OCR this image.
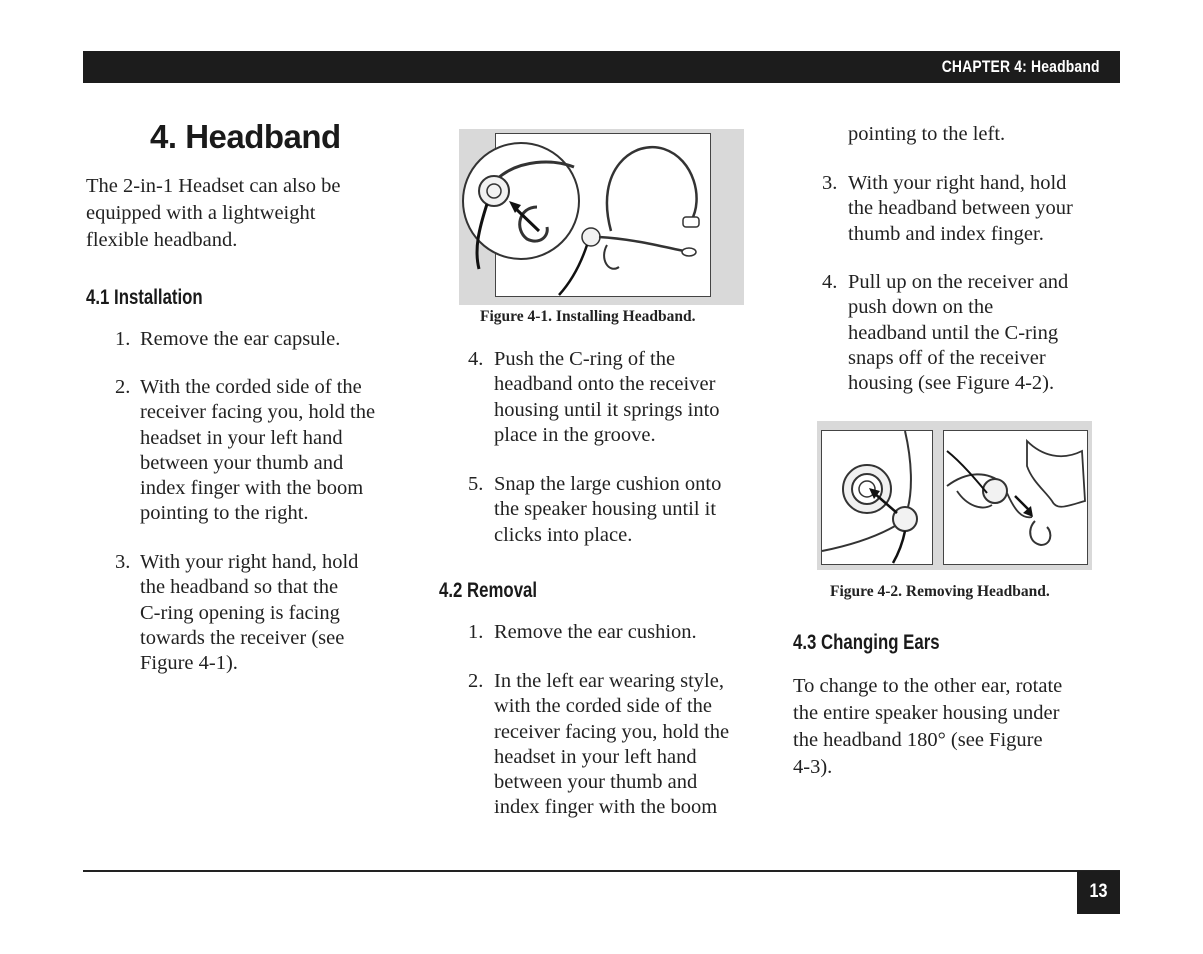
CHAPTER 4: Headband
4. Headband
The 2-in-1 Headset can also be
equipped with a lightweight
flexible headband.
4.1 Installation
1. Remove the ear capsule.
2. With the corded side of the
receiver facing you, hold the
headset in your left hand
between your thumb and
index finger with the boom
pointing to the right.
3. With your right hand, hold
the headband so that the
C-ring opening is facing
towards the receiver (see
Figure 4-1).
Figure 4-1. Installing Headband.
4. Push the C-ring of the
headband onto the receiver
housing until it springs into
place in the groove.
5. Snap the large cushion onto
the speaker housing until it
clicks into place.
4.2 Removal
1. Remove the ear cushion.
2. In the left ear wearing style,
with the corded side of the
receiver facing you, hold the
headset in your left hand
between your thumb and
index finger with the boom
pointing to the left.
3. With your right hand, hold
the headband between your
thumb and index finger.
4. Pull up on the receiver and
push down on the
headband until the C-ring
snaps off of the receiver
housing (see Figure 4-2).
Figure 4-2. Removing Headband.
4.3 Changing Ears
To change to the other ear, rotate
the entire speaker housing under
the headband 180° (see Figure
4-3).
13
